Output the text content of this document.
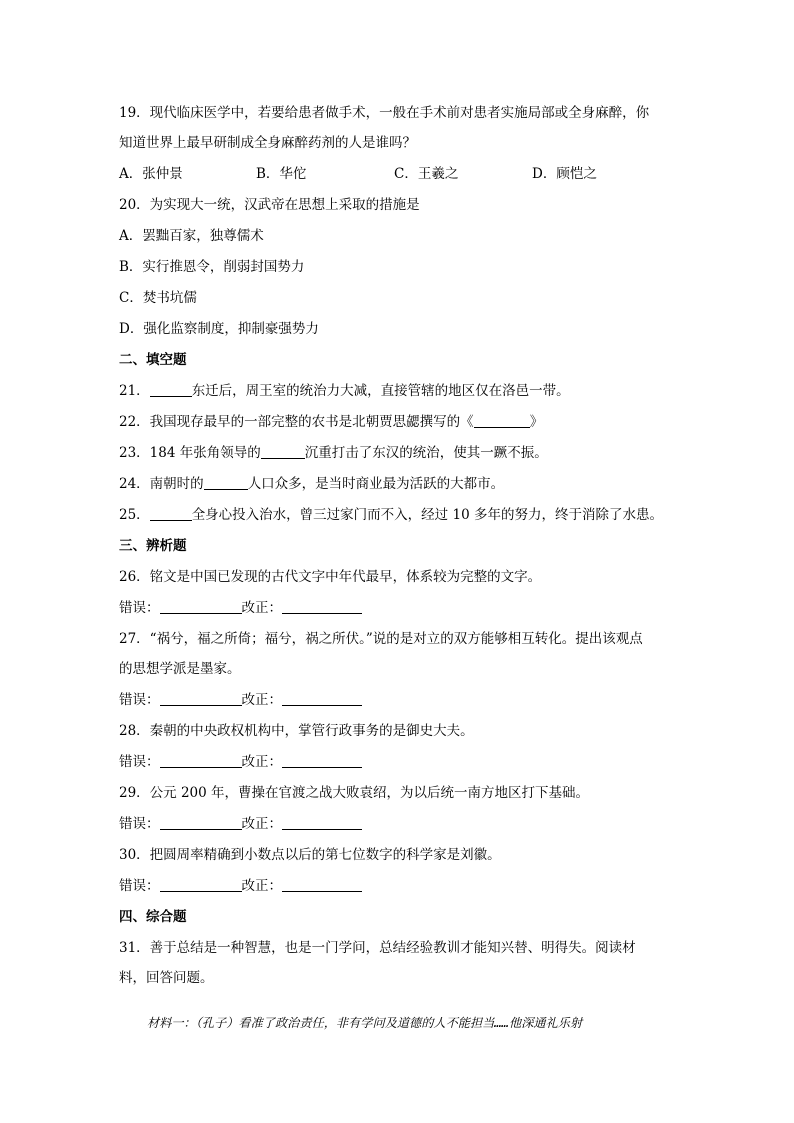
19．现代临床医学中，若要给患者做手术，一般在手术前对患者实施局部或全身麻醉，你
知道世界上最早研制成全身麻醉药剂的人是谁吗？
A．张仲景	B．华佗	C．王羲之	D．顾恺之
20．为实现大一统，汉武帝在思想上采取的措施是
A．罢黜百家，独尊儒术
B．实行推恩令，削弱封国势力
C．焚书坑儒
D．强化监察制度，抑制豪强势力
二、填空题
21．	东迁后，周王室的统治力大减，直接管辖的地区仅在洛邑一带。
22．我国现存最早的一部完整的农书是北朝贾思勰撰写的《	》
23．184 年张角领导的	沉重打击了东汉的统治，使其一蹶不振。
24．南朝时的	人口众多，是当时商业最为活跃的大都市。
25．	全身心投入治水，曾三过家门而不入，经过 10 多年的努力，终于消除了水患。
三、辨析题
26．铭文是中国已发现的古代文字中年代最早，体系较为完整的文字。
错误：	改正：
27．“祸兮，福之所倚；福兮，祸之所伏。”说的是对立的双方能够相互转化。提出该观点
的思想学派是墨家。
错误：	改正：
28．秦朝的中央政权机构中，掌管行政事务的是御史大夫。
错误：	改正：
29．公元 200 年，曹操在官渡之战大败袁绍，为以后统一南方地区打下基础。
错误：	改正：
30．把圆周率精确到小数点以后的第七位数字的科学家是刘徽。
错误：	改正：
四、综合题
31．善于总结是一种智慧，也是一门学问，总结经验教训才能知兴替、明得失。阅读材
料，回答问题。
材料一：（孔子）看准了政治责任，非有学问及道德的人不能担当……他深通礼乐射
